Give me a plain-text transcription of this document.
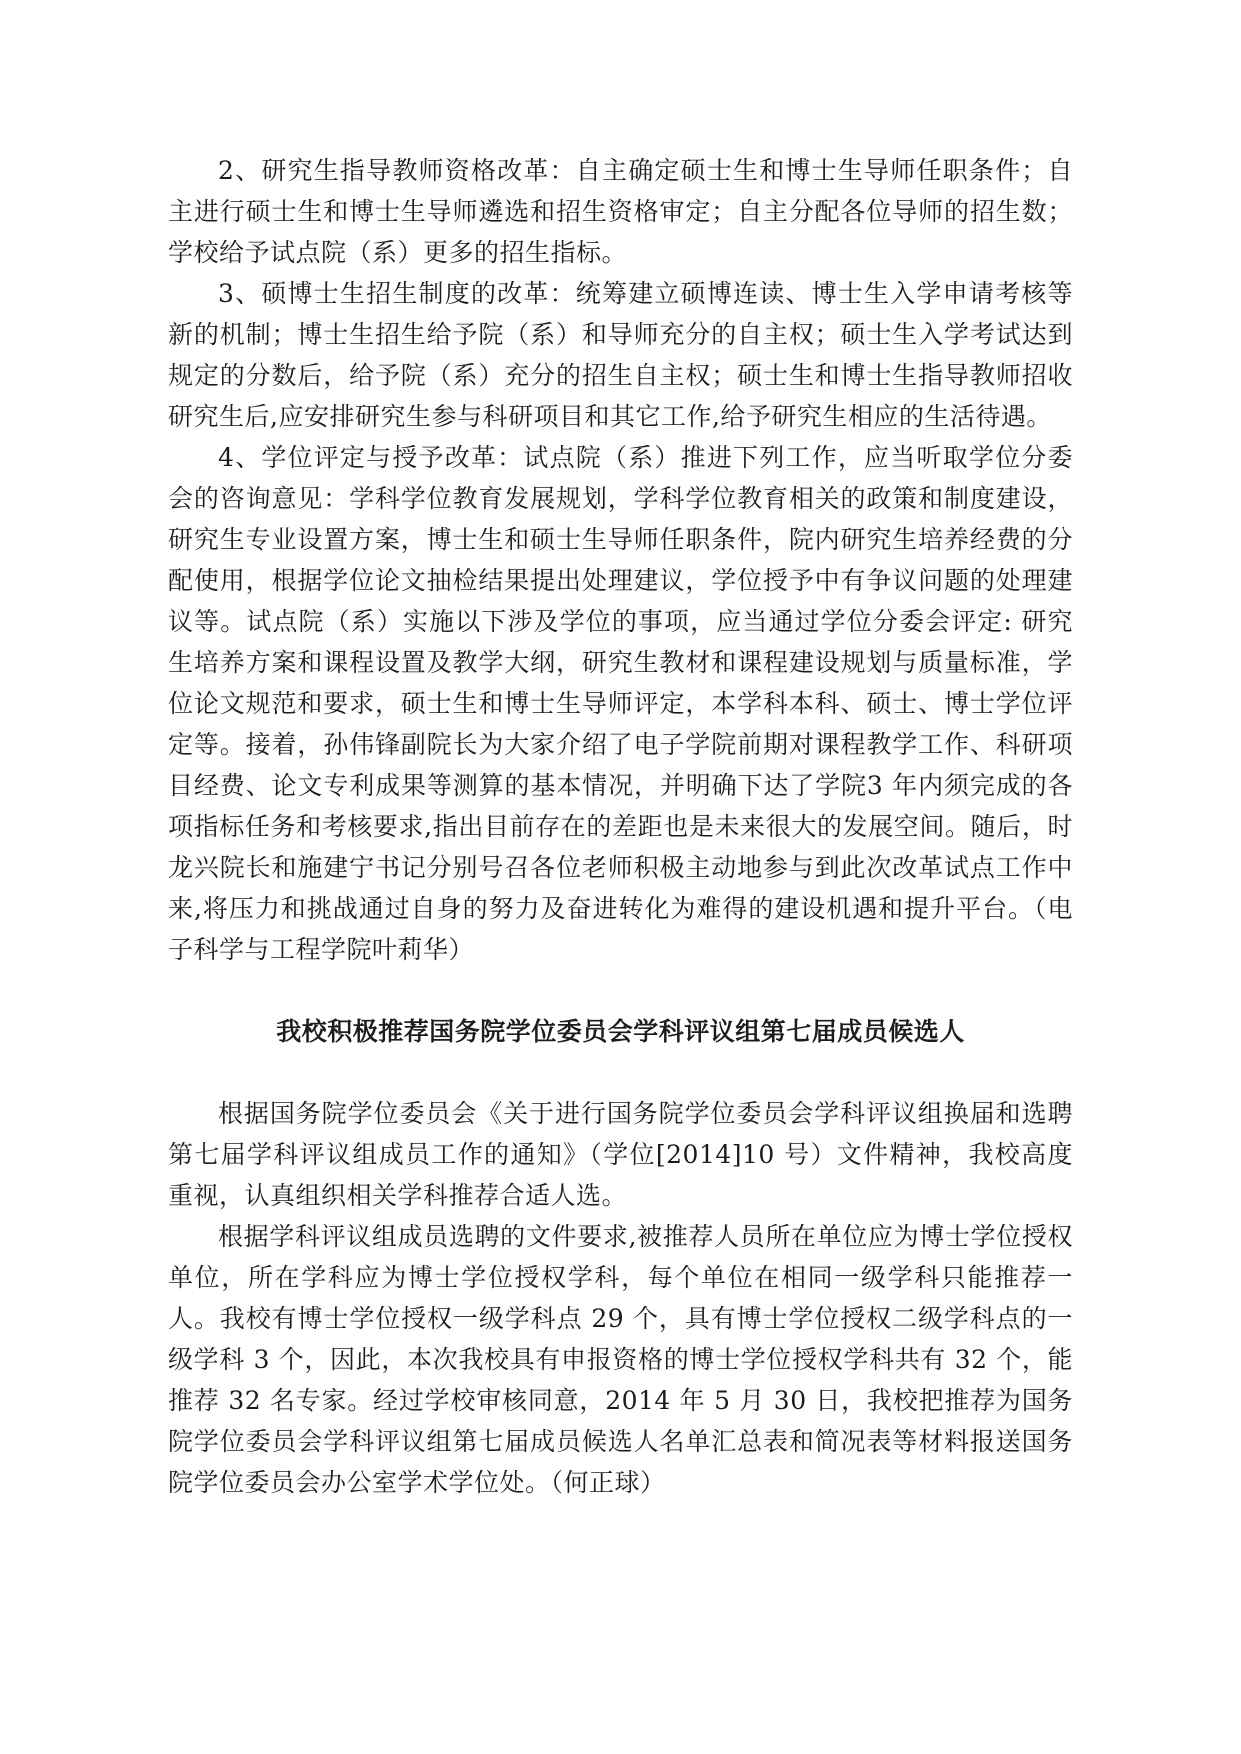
2、研究生指导教师资格改革：自主确定硕士生和博士生导师任职条件；自主进行硕士生和博士生导师遴选和招生资格审定；自主分配各位导师的招生数；学校给予试点院（系）更多的招生指标。

3、硕博士生招生制度的改革：统筹建立硕博连读、博士生入学申请考核等新的机制；博士生招生给予院（系）和导师充分的自主权；硕士生入学考试达到规定的分数后，给予院（系）充分的招生自主权；硕士生和博士生指导教师招收研究生后,应安排研究生参与科研项目和其它工作,给予研究生相应的生活待遇。

4、学位评定与授予改革：试点院（系）推进下列工作，应当听取学位分委会的咨询意见：学科学位教育发展规划，学科学位教育相关的政策和制度建设，研究生专业设置方案，博士生和硕士生导师任职条件，院内研究生培养经费的分配使用，根据学位论文抽检结果提出处理建议，学位授予中有争议问题的处理建议等。试点院（系）实施以下涉及学位的事项，应当通过学位分委会评定: 研究生培养方案和课程设置及教学大纲，研究生教材和课程建设规划与质量标准，学位论文规范和要求，硕士生和博士生导师评定，本学科本科、硕士、博士学位评定等。接着，孙伟锋副院长为大家介绍了电子学院前期对课程教学工作、科研项目经费、论文专利成果等测算的基本情况，并明确下达了学院3 年内须完成的各项指标任务和考核要求,指出目前存在的差距也是未来很大的发展空间。随后，时龙兴院长和施建宁书记分别号召各位老师积极主动地参与到此次改革试点工作中来,将压力和挑战通过自身的努力及奋进转化为难得的建设机遇和提升平台。（电子科学与工程学院叶莉华）

我校积极推荐国务院学位委员会学科评议组第七届成员候选人

根据国务院学位委员会《关于进行国务院学位委员会学科评议组换届和选聘第七届学科评议组成员工作的通知》（学位[2014]10 号）文件精神，我校高度重视，认真组织相关学科推荐合适人选。

根据学科评议组成员选聘的文件要求,被推荐人员所在单位应为博士学位授权单位，所在学科应为博士学位授权学科，每个单位在相同一级学科只能推荐一人。我校有博士学位授权一级学科点 29 个，具有博士学位授权二级学科点的一级学科 3 个，因此，本次我校具有申报资格的博士学位授权学科共有 32 个，能推荐 32 名专家。经过学校审核同意，2014 年 5 月 30 日，我校把推荐为国务院学位委员会学科评议组第七届成员候选人名单汇总表和简况表等材料报送国务院学位委员会办公室学术学位处。（何正球）
